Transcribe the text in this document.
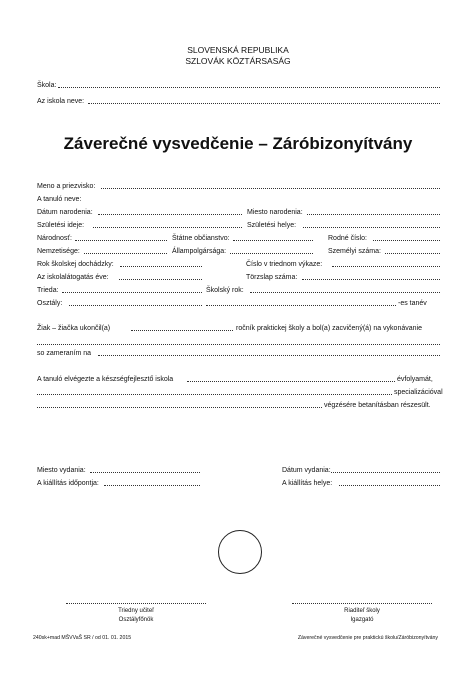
SLOVENSKÁ REPUBLIKA
SZLOVÁK KÖZTÁRSASÁG
Škola:
Az iskola neve:
Záverečné vysvedčenie – Záróbizonyítvány
Meno a priezvisko:
A tanuló neve:
Dátum narodenia:	Miesto narodenia:
Születési ideje:	Születési helye:
Národnosť:	Štátne občianstvo:	Rodné číslo:
Nemzetisége:	Állampolgársága:	Személyi száma:
Rok školskej dochádzky:	Číslo v triednom výkaze:
Az iskolalátogatás éve:	Törzslap száma:
Trieda:	Školský rok:
Osztály:	-es tanév
Žiak – žiačka ukončil(a)	ročník praktickej školy a bol(a) zacvičený(á) na vykonávanie
so zameraním na
A tanuló elvégezte a készségfejlesztő iskola	évfolyamát,
specializációval
végzésére betanításban részesült.
Miesto vydania:
A kiállítás időpontja:
Dátum vydania:
A kiállítás helye:
Triedny učiteľ
Osztályfőnök
Riaditeľ školy
Igazgató
240sk+mad MŠVVaŠ SR / od 01. 01. 2015	Záverečné vysvedčenie pre praktickú školu/Záróbizonyítvány
